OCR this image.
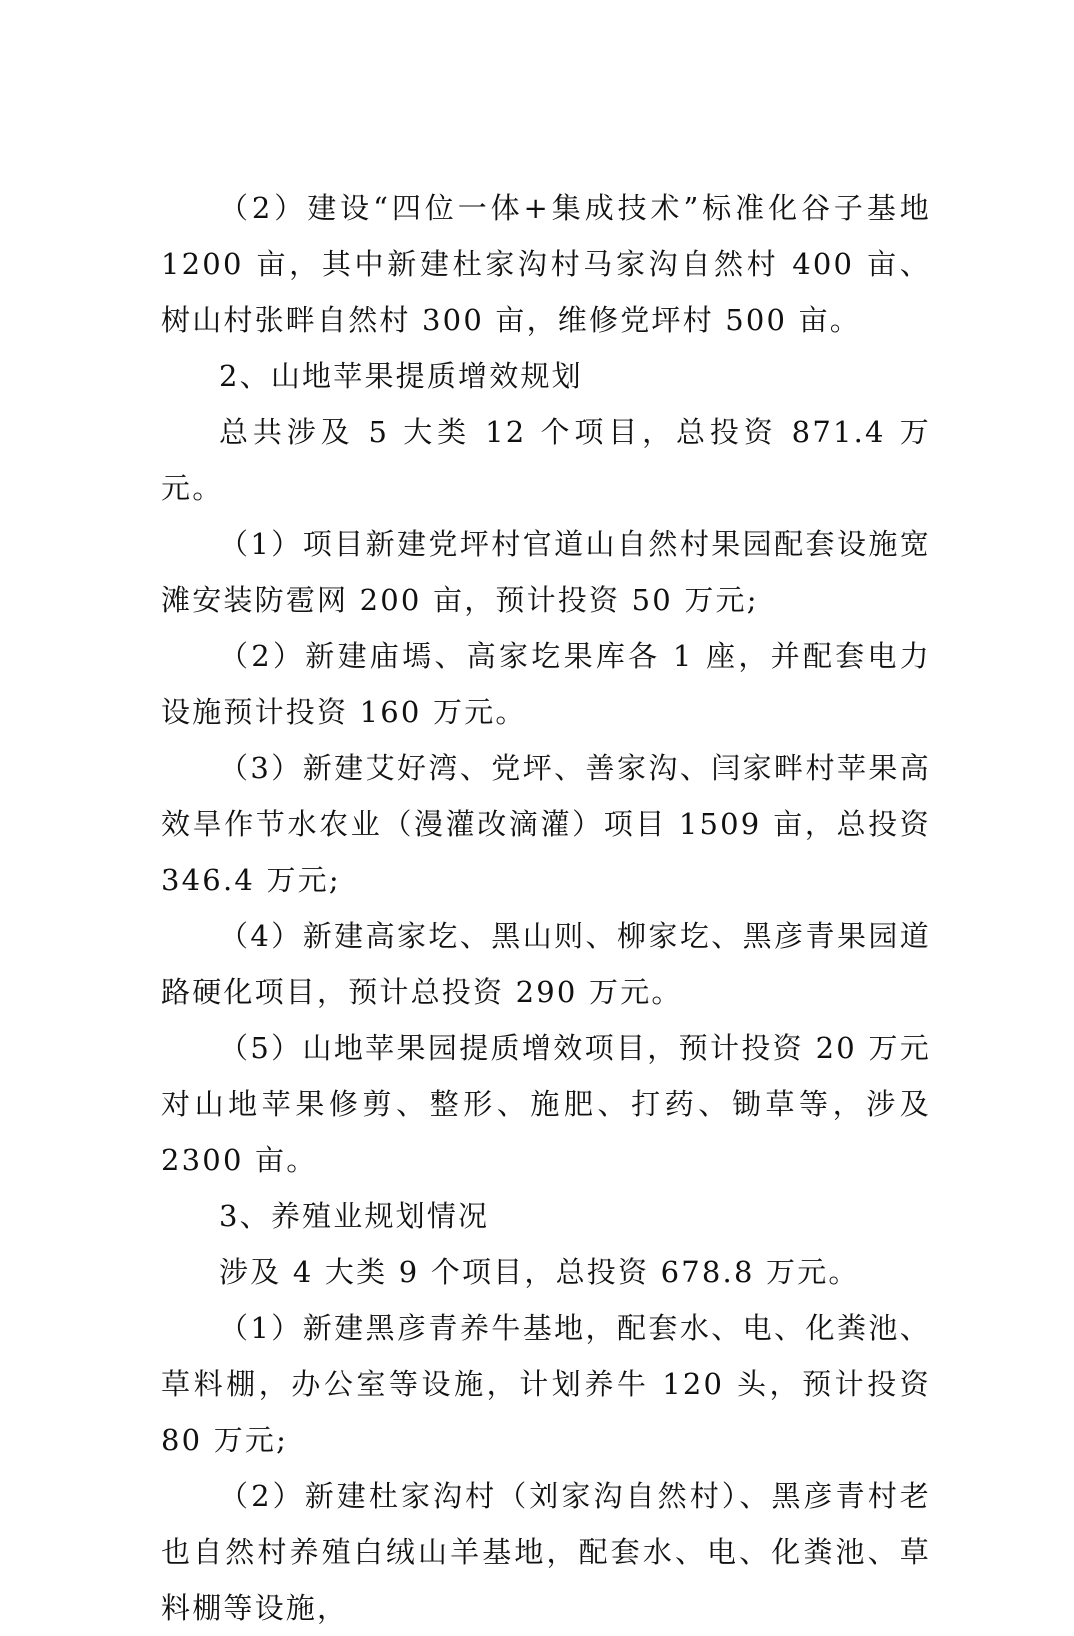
（2）建设“四位一体+集成技术”标准化谷子基地 1200 亩，其中新建杜家沟村马家沟自然村 400 亩、树山村张畔自然村 300 亩，维修党坪村 500 亩。

2、山地苹果提质增效规划

总共涉及 5 大类 12 个项目，总投资 871.4 万元。

（1）项目新建党坪村官道山自然村果园配套设施宽滩安装防雹网 200 亩，预计投资 50 万元;

（2）新建庙墕、高家圪果库各 1 座，并配套电力设施预计投资 160 万元。

（3）新建艾好湾、党坪、善家沟、闫家畔村苹果高效旱作节水农业（漫灌改滴灌）项目 1509 亩，总投资 346.4 万元;

（4）新建高家圪、黑山则、柳家圪、黑彦青果园道路硬化项目，预计总投资 290 万元。

（5）山地苹果园提质增效项目，预计投资 20 万元对山地苹果修剪、整形、施肥、打药、锄草等，涉及 2300 亩。

3、养殖业规划情况

涉及 4 大类 9 个项目，总投资 678.8 万元。

（1）新建黑彦青养牛基地，配套水、电、化粪池、草料棚，办公室等设施，计划养牛 120 头，预计投资 80 万元;

（2）新建杜家沟村（刘家沟自然村）、黑彦青村老也自然村养殖白绒山羊基地，配套水、电、化粪池、草料棚等设施，
